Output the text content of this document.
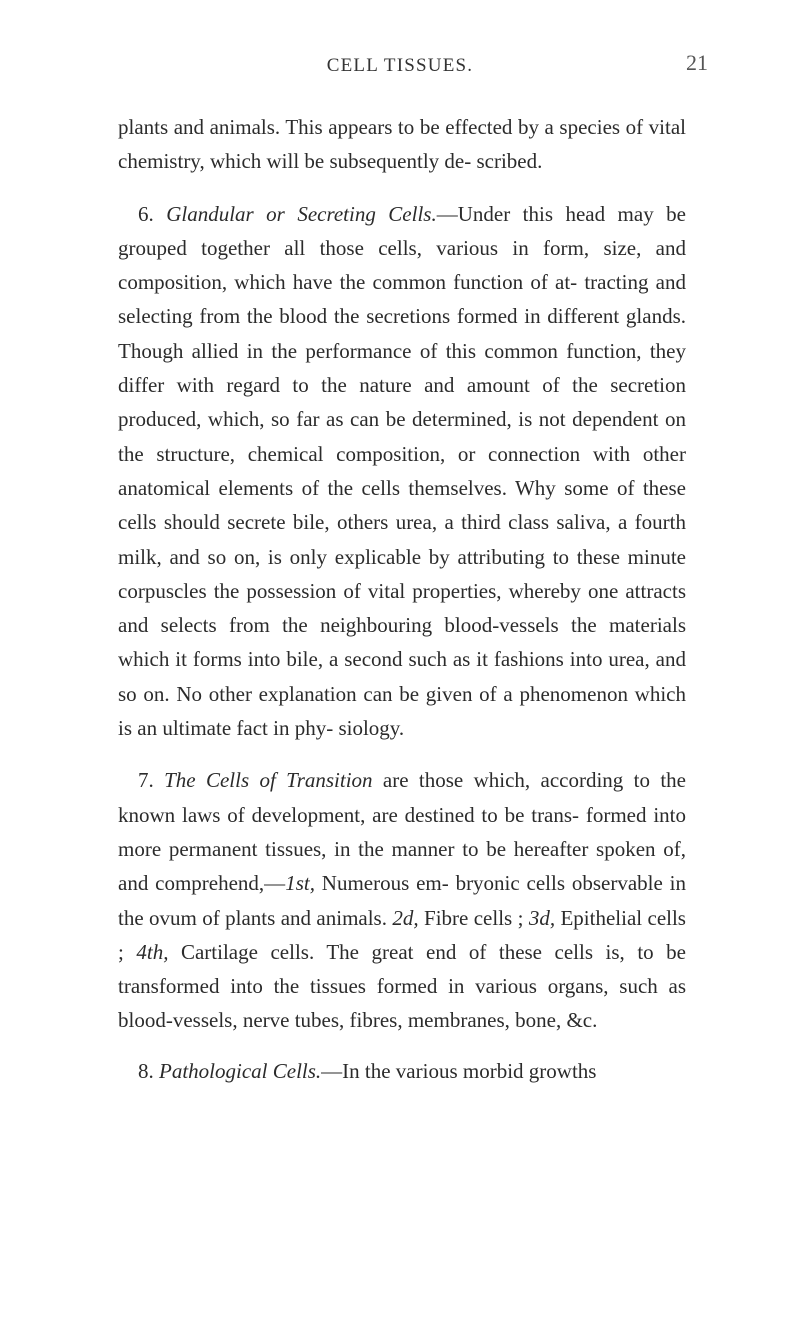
CELL TISSUES.	21

plants and animals. This appears to be effected by a species of vital chemistry, which will be subsequently de- scribed.

6. Glandular or Secreting Cells.—Under this head may be grouped together all those cells, various in form, size, and composition, which have the common function of at- tracting and selecting from the blood the secretions formed in different glands. Though allied in the performance of this common function, they differ with regard to the nature and amount of the secretion produced, which, so far as can be determined, is not dependent on the structure, chemical composition, or connection with other anatomical elements of the cells themselves. Why some of these cells should secrete bile, others urea, a third class saliva, a fourth milk, and so on, is only explicable by attributing to these minute corpuscles the possession of vital properties, whereby one attracts and selects from the neighbouring blood-vessels the materials which it forms into bile, a second such as it fashions into urea, and so on. No other explanation can be given of a phenomenon which is an ultimate fact in phy- siology.

7. The Cells of Transition are those which, according to the known laws of development, are destined to be trans- formed into more permanent tissues, in the manner to be hereafter spoken of, and comprehend,—1st, Numerous em- bryonic cells observable in the ovum of plants and animals. 2d, Fibre cells ; 3d, Epithelial cells ; 4th, Cartilage cells. The great end of these cells is, to be transformed into the tissues formed in various organs, such as blood-vessels, nerve tubes, fibres, membranes, bone, &c.

8. Pathological Cells.—In the various morbid growths
